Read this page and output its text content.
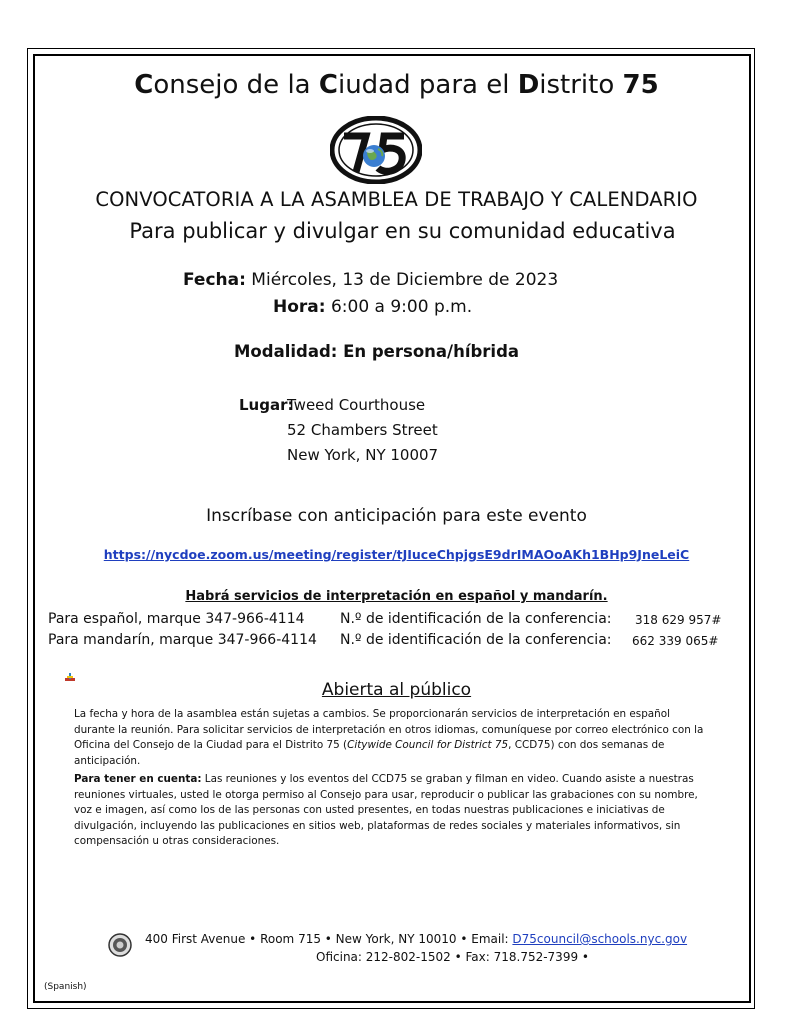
Consejo de la Ciudad para el Distrito 75
CONVOCATORIA A LA ASAMBLEA DE TRABAJO Y CALENDARIO
Para publicar y divulgar en su comunidad educativa
Fecha: Miércoles, 13 de Diciembre de 2023
Hora: 6:00 a 9:00 p.m.
Modalidad: En persona/híbrida
Lugar:
Tweed Courthouse
52 Chambers Street
New York, NY 10007
Inscríbase con anticipación para este evento
https://nycdoe.zoom.us/meeting/register/tJIuceChpjgsE9drIMAOoAKh1BHp9JneLeiC
Habrá servicios de interpretación en español y mandarín.
Para español, marque 347-966-4114	N.º de identificación de la conferencia: 318 629 957#
Para mandarín, marque 347-966-4114 N.º de identificación de la conferencia: 662 339 065#
Abierta al público
La fecha y hora de la asamblea están sujetas a cambios. Se proporcionarán servicios de interpretación en español durante la reunión. Para solicitar servicios de interpretación en otros idiomas, comuníquese por correo electrónico con la Oficina del Consejo de la Ciudad para el Distrito 75 (Citywide Council for District 75, CCD75) con dos semanas de anticipación.
Para tener en cuenta: Las reuniones y los eventos del CCD75 se graban y filman en video. Cuando asiste a nuestras reuniones virtuales, usted le otorga permiso al Consejo para usar, reproducir o publicar las grabaciones con su nombre, voz e imagen, así como los de las personas con usted presentes, en todas nuestras publicaciones e iniciativas de divulgación, incluyendo las publicaciones en sitios web, plataformas de redes sociales y materiales informativos, sin compensación u otras consideraciones.
400 First Avenue • Room 715 • New York, NY 10010 • Email: D75council@schools.nyc.gov
Oficina: 212-802-1502 • Fax: 718.752-7399 •
(Spanish)
